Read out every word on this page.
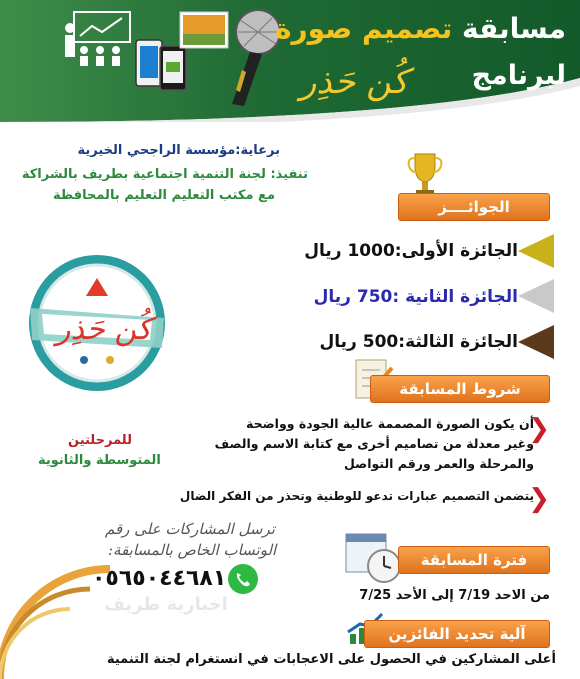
مسابقة تصميم صورة
لبرنامج
كُن حَذِر
برعاية:مؤسسة الراجحي الخيرية
تنفيذ: لجنة التنمية اجتماعية بطريف بالشراكة
مع مكتب التعليم التعليم بالمحافظة
الجوائــــز
الجائزة الأولى:1000 ريال
الجائزة الثانية :750 ريال
الجائزة الثالثة:500 ريال
شروط المسابقة
❮
أن يكون الصورة المصممة عالية الجودة وواضحة
وغير معدلة من تصاميم أخرى مع كتابة الاسم والصف
والمرحلة والعمر ورقم التواصل
❮
يتضمن التصميم عبارات تدعو للوطنية وتحذر من الفكر الضال
كُن حَذِر
للمرحلتين
المتوسطة والثانوية
ترسل المشاركات على رقم
الوتساب الخاص بالمسابقة:
٠٥٦٥٠٤٤٦٨١
اخبارية طريف
فترة المسابقة
من الاحد 7/19 إلى الأحد 7/25
آلية تحديد الفائزين
أعلى المشاركين في الحصول على الاعجابات في انستغرام لجنة التنمية
